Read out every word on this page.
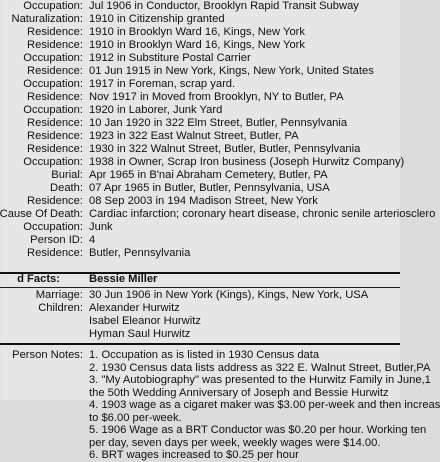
Occupation: Jul 1906 in Conductor, Brooklyn Rapid Transit Subway
Naturalization: 1910 in Citizenship granted
Residence: 1910 in Brooklyn Ward 16, Kings, New York
Residence: 1910 in Brooklyn Ward 16, Kings, New York
Occupation: 1912 in Substiture Postal Carrier
Residence: 01 Jun 1915 in New York, Kings, New York, United States
Occupation: 1917 in Foreman, scrap yard.
Residence: Nov 1917 in Moved from Brooklyn, NY to Butler, PA
Occupation: 1920 in Laborer, Junk Yard
Residence: 10 Jan 1920 in 322 Elm Street, Butler, Pennsylvania
Residence: 1923 in 322 East Walnut Street, Butler, PA
Residence: 1930 in 322 Walnut Street, Butler, Butler, Pennsylvania
Occupation: 1938 in Owner, Scrap Iron business (Joseph Hurwitz Company)
Burial: Apr 1965 in B'nai Abraham Cemetery, Butler, PA
Death: 07 Apr 1965 in Butler, Butler, Pennsylvania, USA
Residence: 08 Sep 2003 in 194 Madison Street, New York
Cause Of Death: Cardiac infarction; coronary heart disease, chronic senile arteriosclero
Occupation: Junk
Person ID: 4
Residence: Butler, Pennsylvania
d Facts:	Bessie Miller
Marriage: 30 Jun 1906 in New York (Kings), Kings, New York, USA
Children: Alexander Hurwitz
Isabel Eleanor Hurwitz
Hyman Saul Hurwitz
Person Notes: 1. Occupation as is listed in 1930 Census data
2. 1930 Census data lists address as 322 E. Walnut Street, Butler,PA
3. "My Autobiography" was presented to the Hurwitz Family in June,1
the 50th Wedding Anniversary of Joseph and Bessie Hurwitz
4. 1903 wage as a cigaret maker was $3.00 per-week and then increas
to $6.00 per-week.
5. 1906 Wage as a BRT Conductor was $0.20 per hour. Working ten
per day, seven days per week, weekly wages were $14.00.
6. BRT wages increased to $0.25 per hour
